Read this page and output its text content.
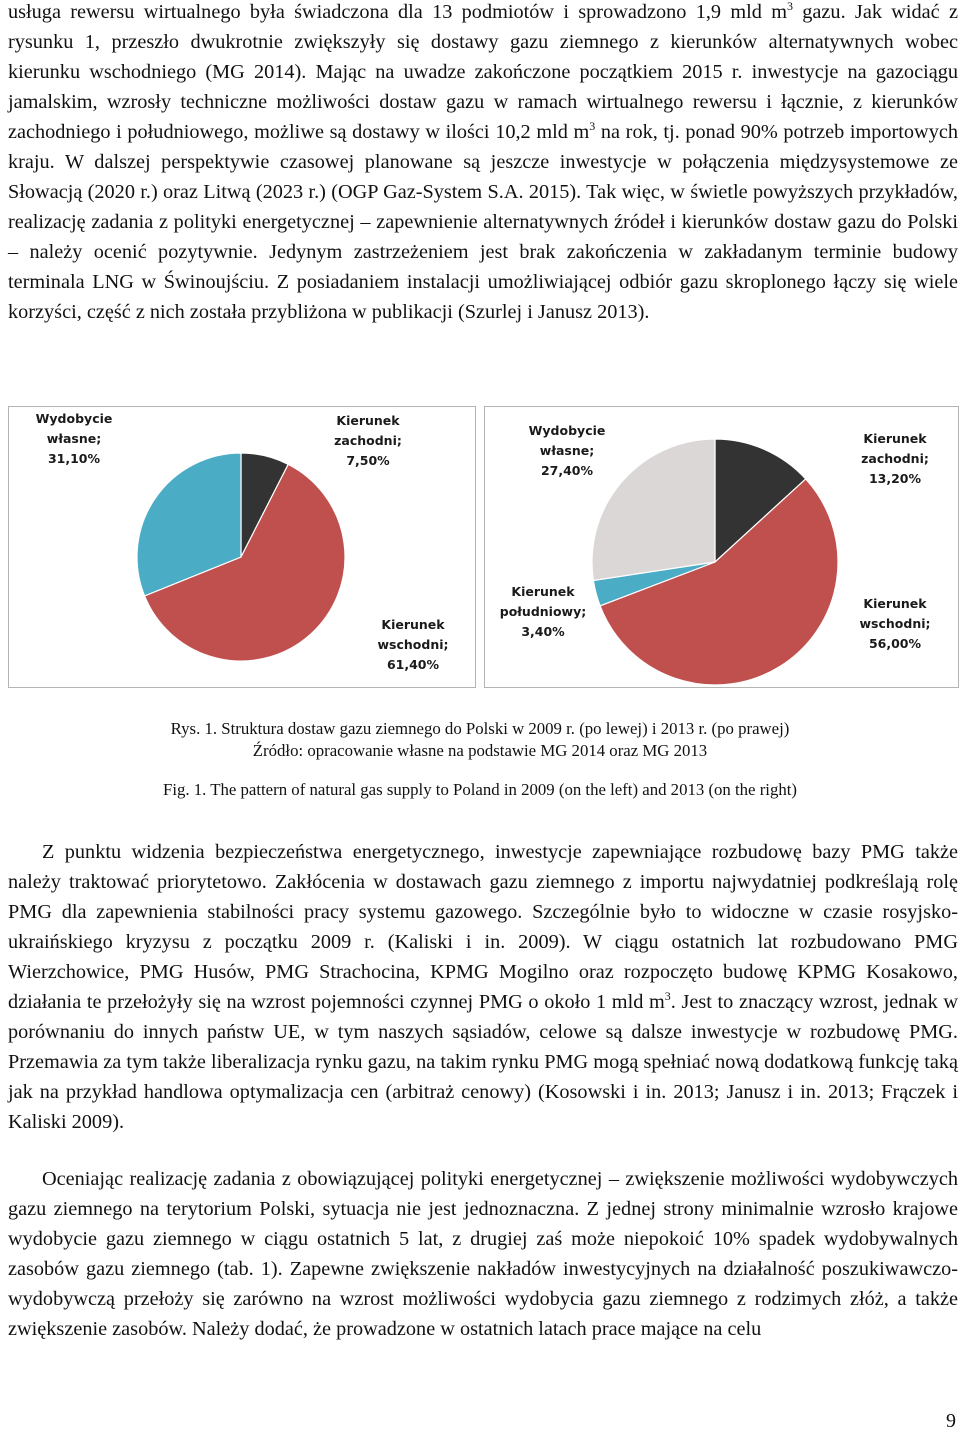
usługa rewersu wirtualnego była świadczona dla 13 podmiotów i sprowadzono 1,9 mld $m^3$ gazu. Jak widać z rysunku 1, przeszło dwukrotnie zwiększyły się dostawy gazu ziemnego z kierunków alternatywnych wobec kierunku wschodniego (MG 2014). Mając na uwadze zakończone początkiem 2015 r. inwestycje na gazociągu jamalskim, wzrosły techniczne możliwości dostaw gazu w ramach wirtualnego rewersu i łącznie, z kierunków zachodniego i południowego, możliwe są dostawy w ilości 10,2 mld $m^3$ na rok, tj. ponad 90% potrzeb importowych kraju. W dalszej perspektywie czasowej planowane są jeszcze inwestycje w połączenia międzysystemowe ze Słowacją (2020 r.) oraz Litwą (2023 r.) (OGP Gaz-System S.A. 2015). Tak więc, w świetle powyższych przykładów, realizację zadania z polityki energetycznej – zapewnienie alternatywnych źródeł i kierunków dostaw gazu do Polski – należy ocenić pozytywnie. Jedynym zastrzeżeniem jest brak zakończenia w zakładanym terminie budowy terminala LNG w Świnoujściu. Z posiadaniem instalacji umożliwiającej odbiór gazu skroplonego łączy się wiele korzyści, część z nich została przybliżona w publikacji (Szurlej i Janusz 2013).

Kierunek zachodni; 7,50%
Kierunek wschodni; 61,40%
Wydobycie własne; 31,10%
Kierunek zachodni; 13,20%
Kierunek wschodni; 56,00%
Kierunek południowy; 3,40%
Wydobycie własne; 27,40%

Rys. 1. Struktura dostaw gazu ziemnego do Polski w 2009 r. (po lewej) i 2013 r. (po prawej)

Źródło: opracowanie własne na podstawie MG 2014 oraz MG 2013

Fig. 1. The pattern of natural gas supply to Poland in 2009 (on the left) and 2013 (on the right)

Z punktu widzenia bezpieczeństwa energetycznego, inwestycje zapewniające rozbudowę bazy PMG także należy traktować priorytetowo. Zakłócenia w dostawach gazu ziemnego z importu najwydatniej podkreślają rolę PMG dla zapewnienia stabilności pracy systemu gazowego. Szczególnie było to widoczne w czasie rosyjsko-ukraińskiego kryzysu z początku 2009 r. (Kaliski i in. 2009). W ciągu ostatnich lat rozbudowano PMG Wierzchowice, PMG Husów, PMG Strachocina, KPMG Mogilno oraz rozpoczęto budowę KPMG Kosakowo, działania te przełożyły się na wzrost pojemności czynnej PMG o około 1 mld $m^3$. Jest to znaczący wzrost, jednak w porównaniu do innych państw UE, w tym naszych sąsiadów, celowe są dalsze inwestycje w rozbudowę PMG. Przemawia za tym także liberalizacja rynku gazu, na takim rynku PMG mogą spełniać nową dodatkową funkcję taką jak na przykład handlowa optymalizacja cen (arbitraż cenowy) (Kosowski i in. 2013; Janusz i in. 2013; Frączek i Kaliski 2009).

Oceniając realizację zadania z obowiązującej polityki energetycznej – zwiększenie możliwości wydobywczych gazu ziemnego na terytorium Polski, sytuacja nie jest jednoznaczna. Z jednej strony minimalnie wzrosło krajowe wydobycie gazu ziemnego w ciągu ostatnich 5 lat, z drugiej zaś może niepokoić 10% spadek wydobywalnych zasobów gazu ziemnego (tab. 1). Zapewne zwiększenie nakładów inwestycyjnych na działalność poszukiwawczo-wydobywczą przełoży się zarówno na wzrost możliwości wydobycia gazu ziemnego z rodzimych złóż, a także zwiększenie zasobów. Należy dodać, że prowadzone w ostatnich latach prace mające na celu

9
